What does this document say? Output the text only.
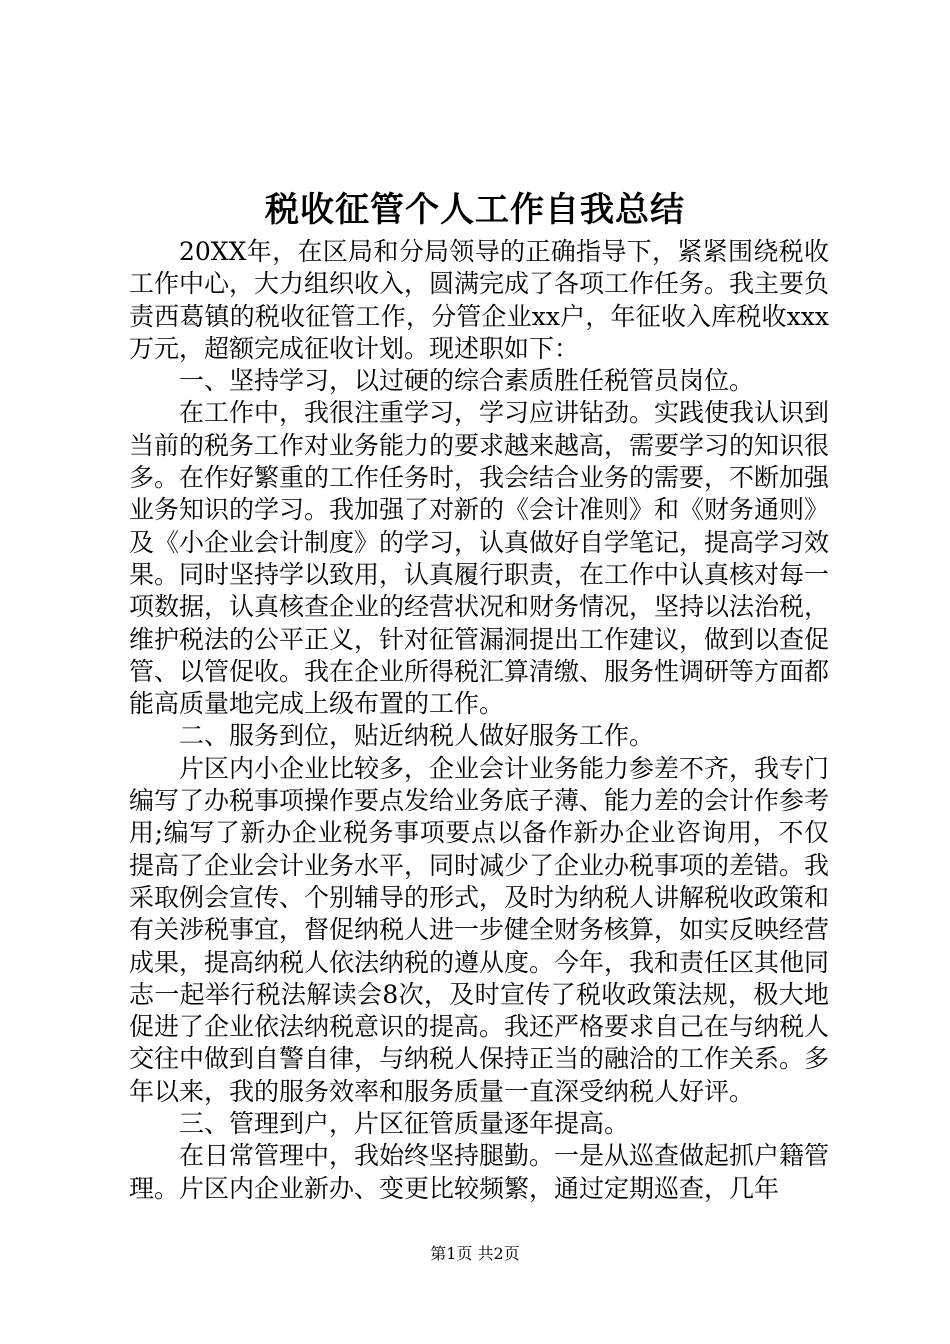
税收征管个人工作自我总结

20XX年，在区局和分局领导的正确指导下，紧紧围绕税收工作中心，大力组织收入，圆满完成了各项工作任务。我主要负责西葛镇的税收征管工作，分管企业xx户，年征收入库税收xxx万元，超额完成征收计划。现述职如下：

一、坚持学习，以过硬的综合素质胜任税管员岗位。

在工作中，我很注重学习，学习应讲钻劲。实践使我认识到当前的税务工作对业务能力的要求越来越高，需要学习的知识很多。在作好繁重的工作任务时，我会结合业务的需要，不断加强业务知识的学习。我加强了对新的《会计准则》和《财务通则》及《小企业会计制度》的学习，认真做好自学笔记，提高学习效果。同时坚持学以致用，认真履行职责，在工作中认真核对每一项数据，认真核查企业的经营状况和财务情况，坚持以法治税，维护税法的公平正义，针对征管漏洞提出工作建议，做到以查促管、以管促收。我在企业所得税汇算清缴、服务性调研等方面都能高质量地完成上级布置的工作。

二、服务到位，贴近纳税人做好服务工作。

片区内小企业比较多，企业会计业务能力参差不齐，我专门编写了办税事项操作要点发给业务底子薄、能力差的会计作参考用;编写了新办企业税务事项要点以备作新办企业咨询用，不仅提高了企业会计业务水平，同时减少了企业办税事项的差错。我采取例会宣传、个别辅导的形式，及时为纳税人讲解税收政策和有关涉税事宜，督促纳税人进一步健全财务核算，如实反映经营成果，提高纳税人依法纳税的遵从度。今年，我和责任区其他同志一起举行税法解读会8次，及时宣传了税收政策法规，极大地促进了企业依法纳税意识的提高。我还严格要求自己在与纳税人交往中做到自警自律，与纳税人保持正当的融洽的工作关系。多年以来，我的服务效率和服务质量一直深受纳税人好评。

三、管理到户，片区征管质量逐年提高。

在日常管理中，我始终坚持腿勤。一是从巡查做起抓户籍管理。片区内企业新办、变更比较频繁，通过定期巡查，几年

第1页 共2页
